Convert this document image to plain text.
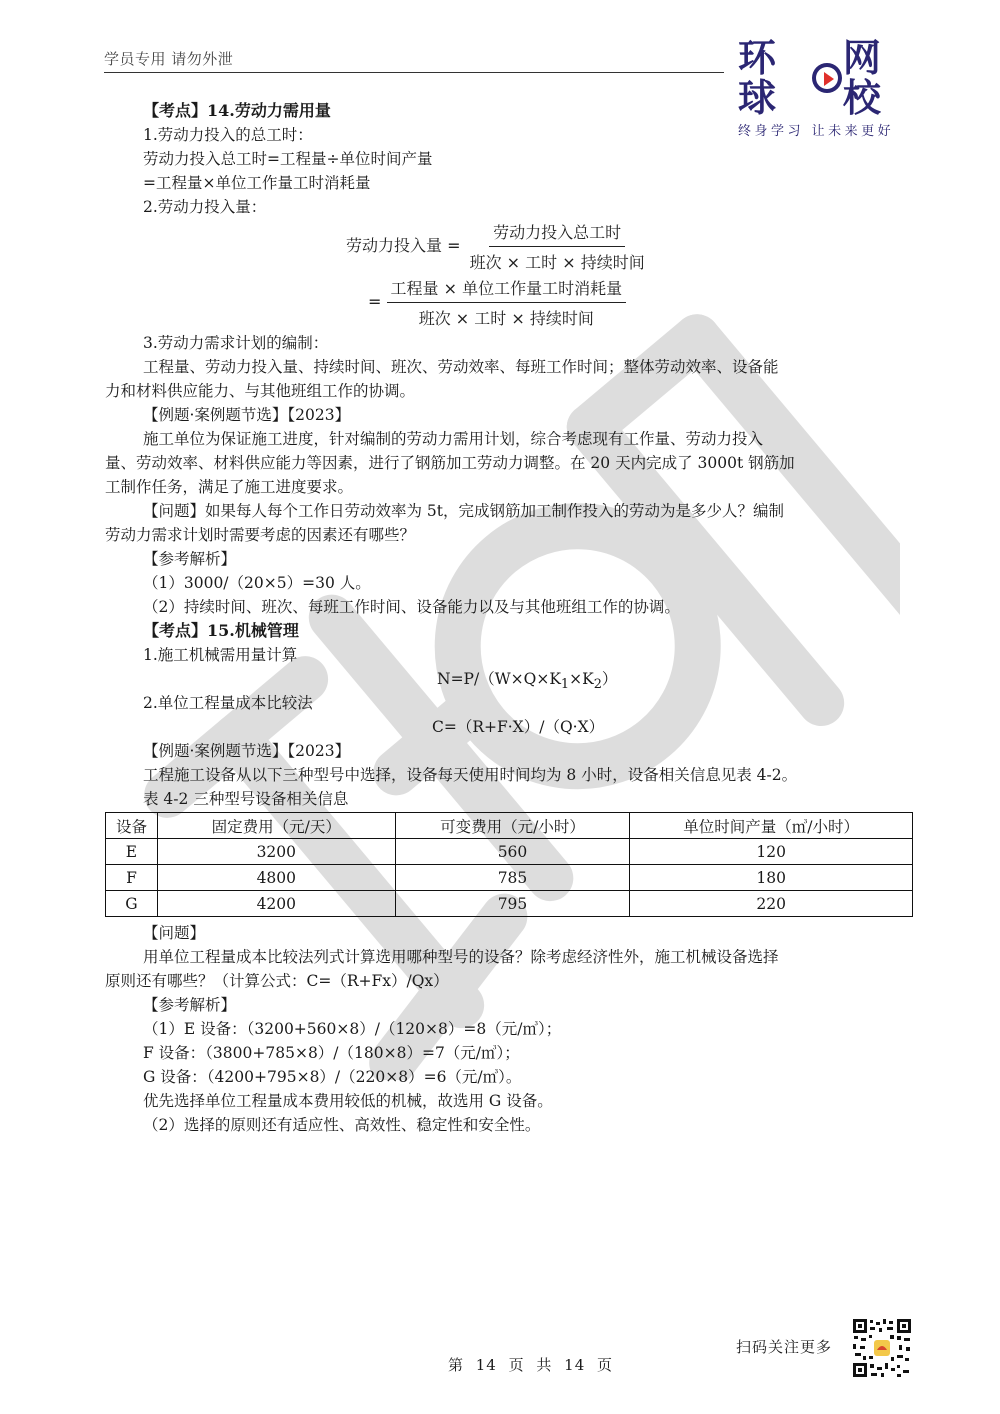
学员专用 请勿外泄	环球
网校
终身学习 让未来更好
【考点】14.劳动力需用量
1.劳动力投入的总工时：
劳动力投入总工时=工程量÷单位时间产量
=工程量×单位工作量工时消耗量
2.劳动力投入量：
劳动力投入量 = $\frac{\text{劳动力投入总工时}}{\text{班次 × 工时 × 持续时间}}$
= $\frac{\text{工程量 × 单位工作量工时消耗量}}{\text{班次 × 工时 × 持续时间}}$
3.劳动力需求计划的编制：
工程量、劳动力投入量、持续时间、班次、劳动效率、每班工作时间；整体劳动效率、设备能
力和材料供应能力、与其他班组工作的协调。
【例题·案例题节选】【2023】
施工单位为保证施工进度，针对编制的劳动力需用计划，综合考虑现有工作量、劳动力投入
量、劳动效率、材料供应能力等因素，进行了钢筋加工劳动力调整。在 20 天内完成了 3000t 钢筋加
工制作任务，满足了施工进度要求。
【问题】如果每人每个工作日劳动效率为 5t，完成钢筋加工制作投入的劳动为是多少人？编制
劳动力需求计划时需要考虑的因素还有哪些？
【参考解析】
（1）3000/（20×5）=30 人。
（2）持续时间、班次、每班工作时间、设备能力以及与其他班组工作的协调。
【考点】15.机械管理
1.施工机械需用量计算
$N=P/(W\times Q\times K_1\times K_2)$
2.单位工程量成本比较法
C=（R+F·X）/（Q·X）
【例题·案例题节选】【2023】
工程施工设备从以下三种型号中选择，设备每天使用时间均为 8 小时，设备相关信息见表 4-2。
表 4-2 三种型号设备相关信息
设备	固定费用（元/天）	可变费用（元/小时）	单位时间产量（㎥/小时）
E	3200	560	120
F	4800	785	180
G	4200	795	220
【问题】
用单位工程量成本比较法列式计算选用哪种型号的设备？除考虑经济性外，施工机械设备选择
原则还有哪些？（计算公式：C=（R+Fx）/Qx）
【参考解析】
（1）E 设备：（3200+560×8）/（120×8）=8（元/㎥）；
F 设备：（3800+785×8）/（180×8）=7（元/㎥）；
G 设备：（4200+795×8）/（220×8）=6（元/㎥）。
优先选择单位工程量成本费用较低的机械，故选用 G 设备。
（2）选择的原则还有适应性、高效性、稳定性和安全性。
第 14 页 共 14 页
扫码关注更多
